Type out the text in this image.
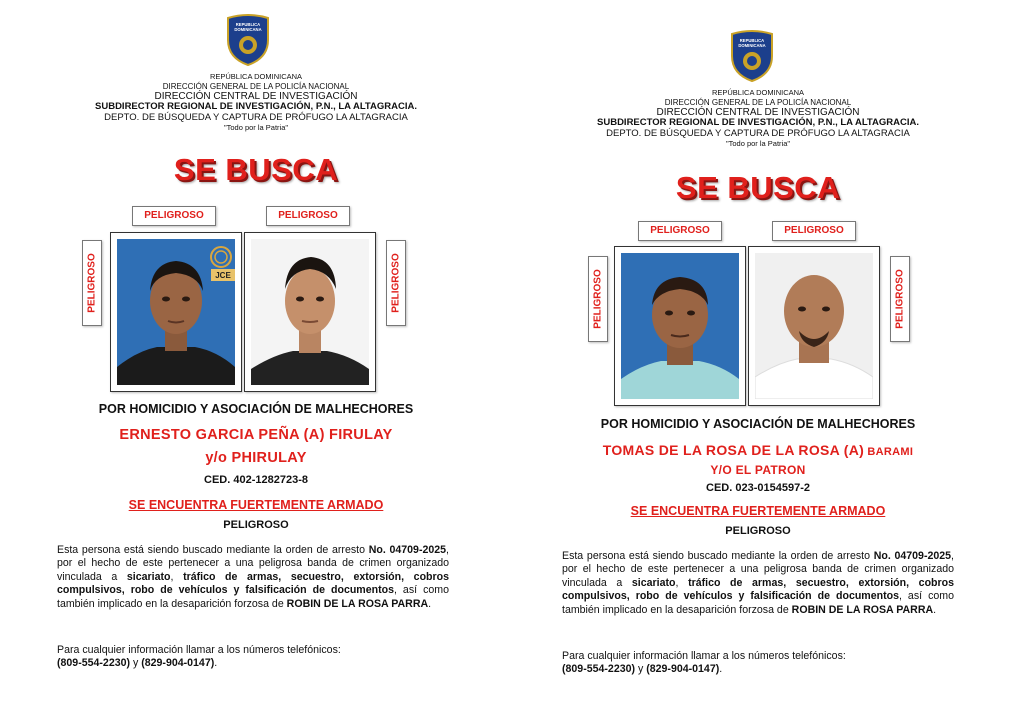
REPUBLICA
DOMINICANA
REPÚBLICA DOMINICANA
DIRECCIÓN GENERAL DE LA POLICÍA NACIONAL
DIRECCIÓN CENTRAL DE INVESTIGACIÓN
SUBDIRECTOR REGIONAL DE INVESTIGACIÓN, P.N., LA ALTAGRACIA.
DEPTO. DE BÚSQUEDA Y CAPTURA DE PRÓFUGO LA ALTAGRACIA
"Todo por la Patria"
SE BUSCA
PELIGROSO	PELIGROSO
PELIGROSO	PELIGROSO
JCE
POR HOMICIDIO Y ASOCIACIÓN DE MALHECHORES
ERNESTO GARCIA PEÑA (A) FIRULAY
y/o PHIRULAY
CED. 402-1282723-8
SE ENCUENTRA FUERTEMENTE ARMADO
PELIGROSO
Esta persona está siendo buscado mediante la orden de arresto No. 04709-2025, por el hecho de este pertenecer a una peligrosa banda de crimen organizado vinculada a sicariato, tráfico de armas, secuestro, extorsión, cobros compulsivos, robo de vehículos y falsificación de documentos, así como también implicado en la desaparición forzosa de ROBIN DE LA ROSA PARRA.
Para cualquier información llamar a los números telefónicos:
(809-554-2230) y (829-904-0147).
REPUBLICA
DOMINICANA
REPÚBLICA DOMINICANA
DIRECCIÓN GENERAL DE LA POLICÍA NACIONAL
DIRECCIÓN CENTRAL DE INVESTIGACIÓN
SUBDIRECTOR REGIONAL DE INVESTIGACIÓN, P.N., LA ALTAGRACIA.
DEPTO. DE BÚSQUEDA Y CAPTURA DE PRÓFUGO LA ALTAGRACIA
"Todo por la Patria"
SE BUSCA
PELIGROSO	PELIGROSO
PELIGROSO	PELIGROSO
POR HOMICIDIO Y ASOCIACIÓN DE MALHECHORES
TOMAS DE LA ROSA DE LA ROSA (A) BARAMI
Y/O EL PATRON
CED. 023-0154597-2
SE ENCUENTRA FUERTEMENTE ARMADO
PELIGROSO
Esta persona está siendo buscado mediante la orden de arresto No. 04709-2025, por el hecho de este pertenecer a una peligrosa banda de crimen organizado vinculada a sicariato, tráfico de armas, secuestro, extorsión, cobros compulsivos, robo de vehículos y falsificación de documentos, así como también implicado en la desaparición forzosa de ROBIN DE LA ROSA PARRA.
Para cualquier información llamar a los números telefónicos:
(809-554-2230) y (829-904-0147).
